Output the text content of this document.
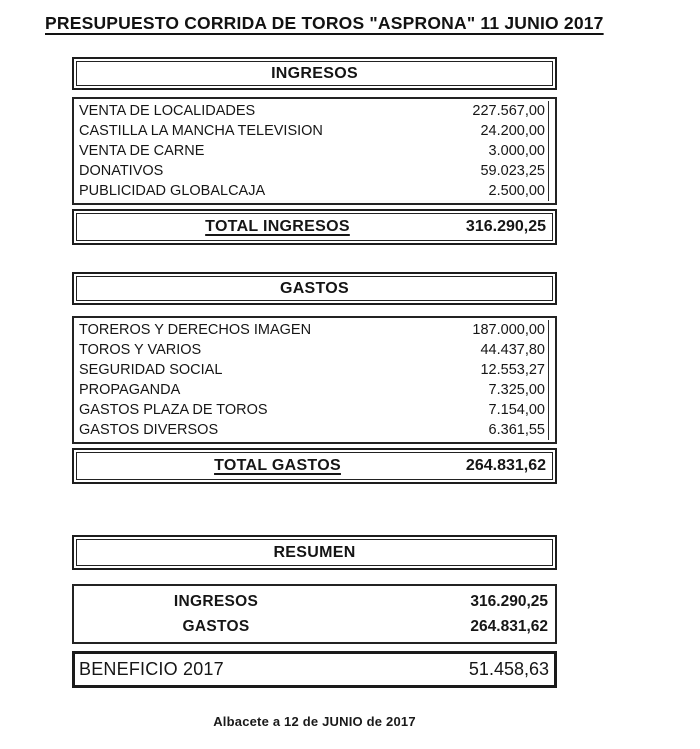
PRESUPUESTO CORRIDA DE TOROS "ASPRONA" 11 JUNIO 2017
INGRESOS
VENTA DE LOCALIDADES	227.567,00
CASTILLA LA MANCHA TELEVISION	24.200,00
VENTA DE CARNE	3.000,00
DONATIVOS	59.023,25
PUBLICIDAD GLOBALCAJA	2.500,00
TOTAL INGRESOS	316.290,25
GASTOS
TOREROS Y DERECHOS IMAGEN	187.000,00
TOROS Y VARIOS	44.437,80
SEGURIDAD SOCIAL	12.553,27
PROPAGANDA	7.325,00
GASTOS PLAZA DE TOROS	7.154,00
GASTOS DIVERSOS	6.361,55
TOTAL GASTOS	264.831,62
RESUMEN
INGRESOS	316.290,25
GASTOS	264.831,62
BENEFICIO 2017	51.458,63
Albacete a 12 de JUNIO de 2017
